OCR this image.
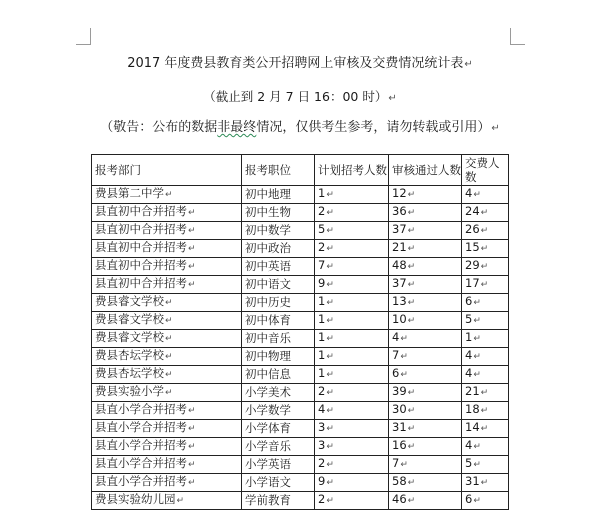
2017 年度费县教育类公开招聘网上审核及交费情况统计表↵
（截止到 2 月 7 日 16：00 时）↵
（敬告：公布的数据非最终情况，仅供考生参考，请勿转载或引用）↵
报考部门	报考职位	计划招考人数	审核通过人数	交费人数
费县第二中学↵	初中地理	1↵	12↵	4↵
县直初中合并招考↵	初中生物	2↵	36↵	24↵
县直初中合并招考↵	初中数学	5↵	37↵	26↵
县直初中合并招考↵	初中政治	2↵	21↵	15↵
县直初中合并招考↵	初中英语	7↵	48↵	29↵
县直初中合并招考↵	初中语文	9↵	37↵	17↵
费县睿文学校↵	初中历史	1↵	13↵	6↵
费县睿文学校↵	初中体育	1↵	10↵	5↵
费县睿文学校↵	初中音乐	1↵	4↵	1↵
费县杏坛学校↵	初中物理	1↵	7↵	4↵
费县杏坛学校↵	初中信息	1↵	6↵	4↵
费县实验小学↵	小学美术	2↵	39↵	21↵
县直小学合并招考↵	小学数学	4↵	30↵	18↵
县直小学合并招考↵	小学体育	3↵	31↵	14↵
县直小学合并招考↵	小学音乐	3↵	16↵	4↵
县直小学合并招考↵	小学英语	2↵	7↵	5↵
县直小学合并招考↵	小学语文	9↵	58↵	31↵
费县实验幼儿园↵	学前教育	2↵	46↵	6↵
